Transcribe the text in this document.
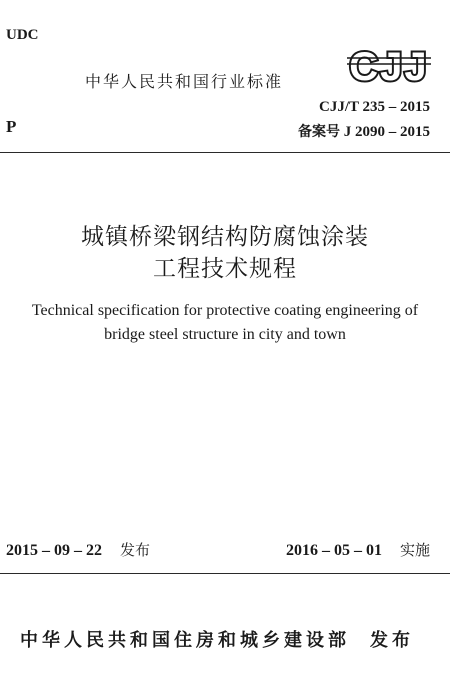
UDC
中华人民共和国行业标准 CJJ
P
CJJ/T 235 – 2015
备案号 J 2090 – 2015
城镇桥梁钢结构防腐蚀涂装
工程技术规程
Technical specification for protective coating engineering of
bridge steel structure in city and town
2015 – 09 – 22 发布	2016 – 05 – 01 实施
中华人民共和国住房和城乡建设部 发布
